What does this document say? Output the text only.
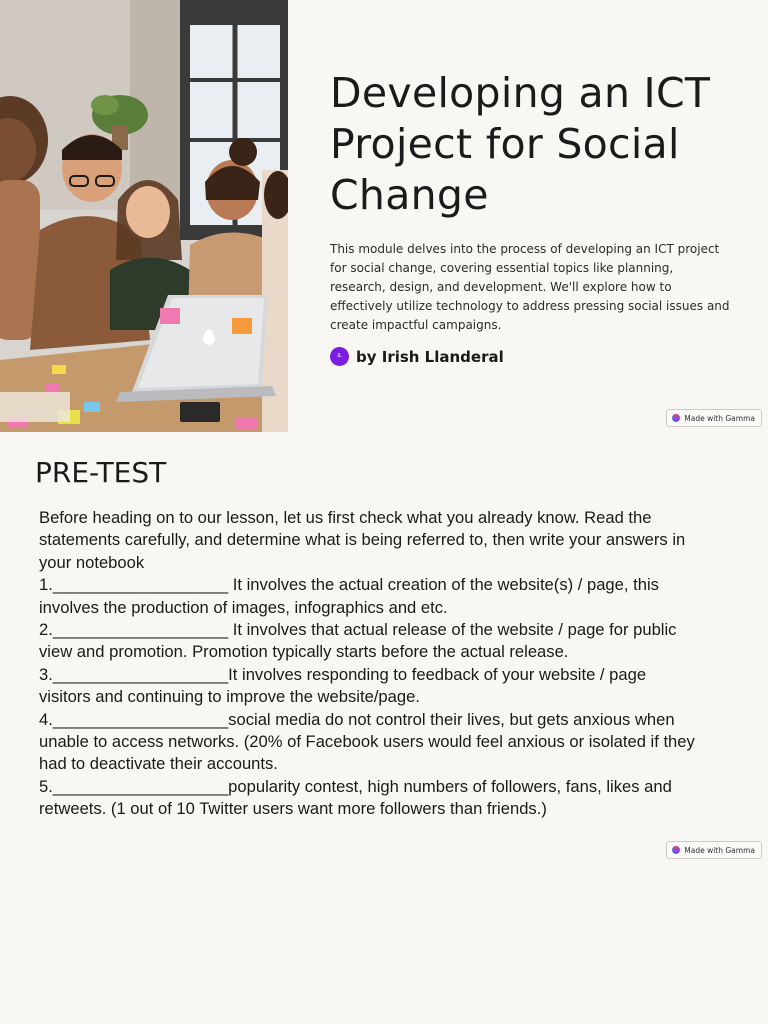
Developing an ICT Project for Social Change

This module delves into the process of developing an ICT project for social change, covering essential topics like planning, research, design, and development. We'll explore how to effectively utilize technology to address pressing social issues and create impactful campaigns.

IL by Irish Llanderal
Made with Gamma
PRE-TEST

Before heading on to our lesson, let us first check what you already know. Read the statements carefully, and determine what is being referred to, then write your answers in your notebook

1.___________________ It involves the actual creation of the website(s) / page, this involves the production of images, infographics and etc.

2.___________________ It involves that actual release of the website / page for public view and promotion. Promotion typically starts before the actual release.

3.___________________It involves responding to feedback of your website / page visitors and continuing to improve the website/page.

4.___________________social media do not control their lives, but gets anxious when unable to access networks. (20% of Facebook users would feel anxious or isolated if they had to deactivate their accounts.

5.___________________popularity contest, high numbers of followers, fans, likes and retweets. (1 out of 10 Twitter users want more followers than friends.)

Made with Gamma
